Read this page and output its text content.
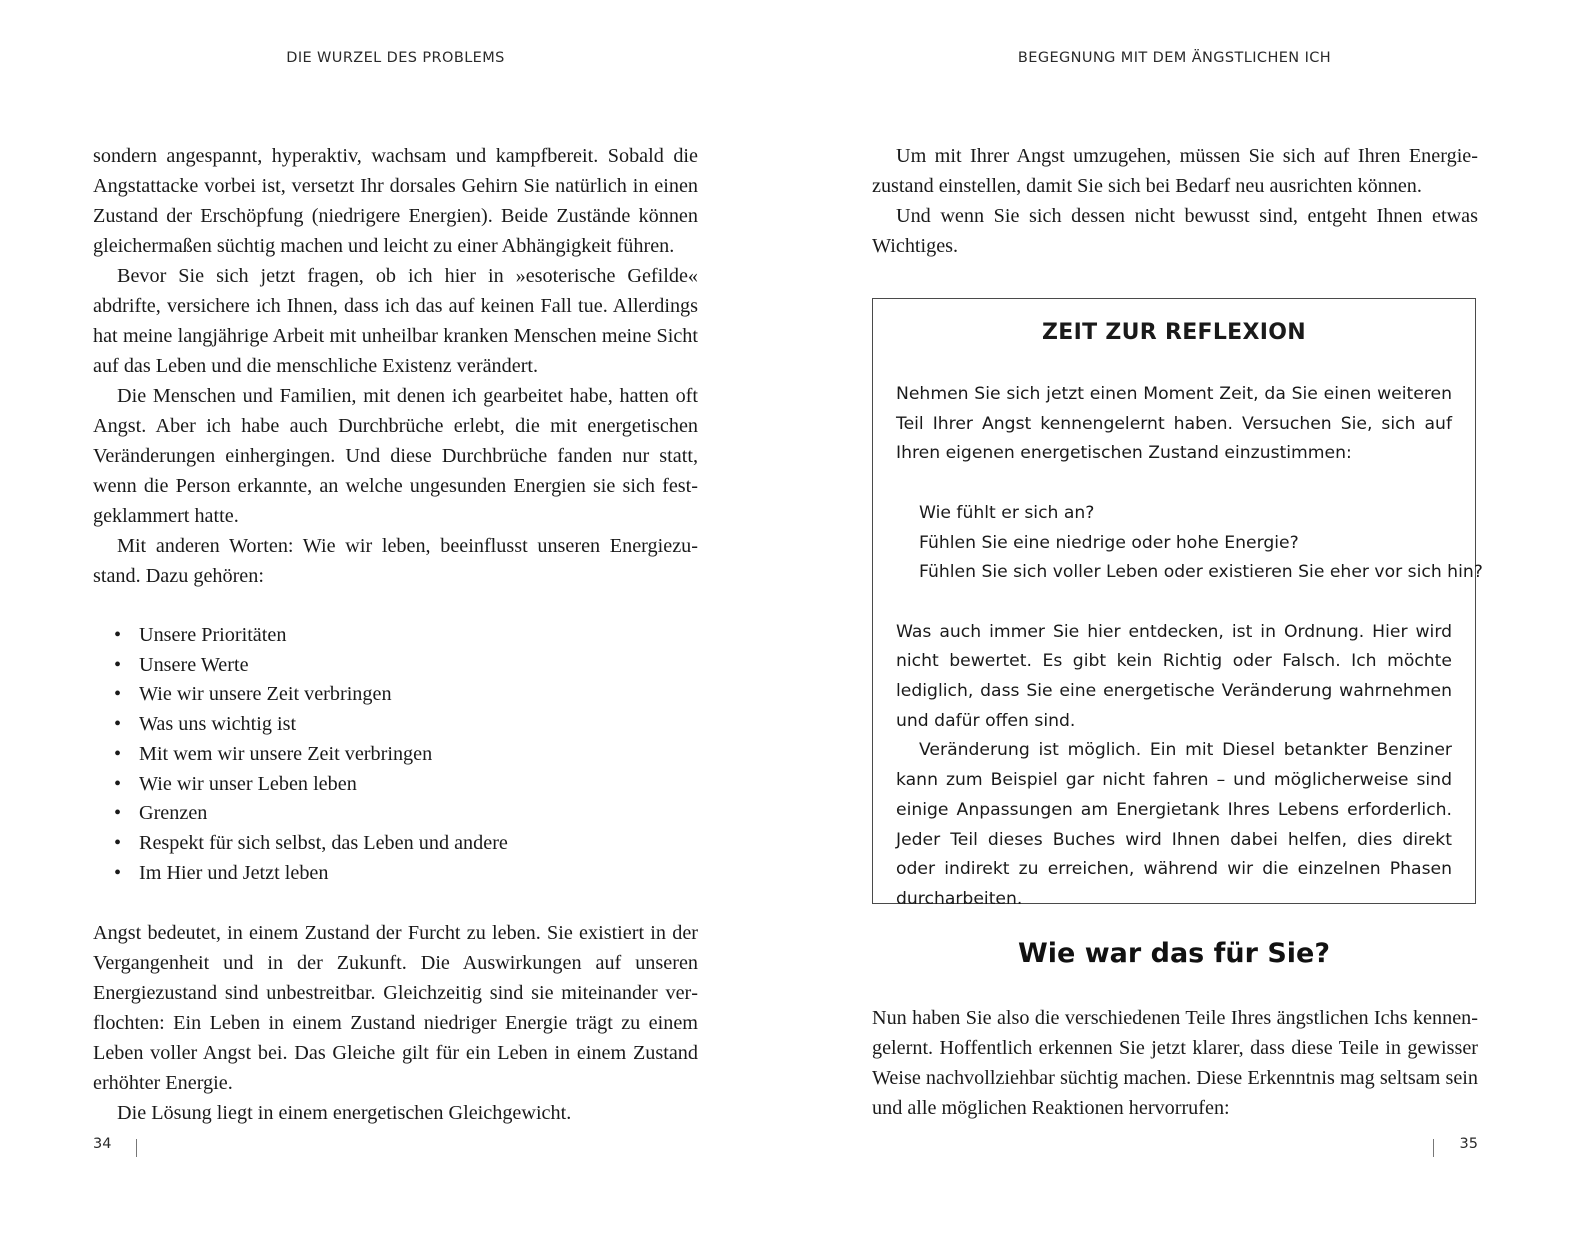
DIE WURZEL DES PROBLEMS

sondern angespannt, hyperaktiv, wachsam und kampfbereit. Sobald die Angstattacke vorbei ist, versetzt Ihr dorsales Gehirn Sie natürlich in einen Zustand der Erschöpfung (niedrigere Energien). Beide Zustände können gleichermaßen süchtig machen und leicht zu einer Abhängigkeit führen.

Bevor Sie sich jetzt fragen, ob ich hier in »esoterische Gefilde« abdrifte, versichere ich Ihnen, dass ich das auf keinen Fall tue. Allerdings hat meine langjährige Arbeit mit unheilbar kranken Menschen meine Sicht auf das Leben und die menschliche Existenz verändert.

Die Menschen und Familien, mit denen ich gearbeitet habe, hatten oft Angst. Aber ich habe auch Durchbrüche erlebt, die mit energetischen Veränderungen einhergingen. Und diese Durchbrüche fanden nur statt, wenn die Person erkannte, an welche ungesunden Energien sie sich festgeklammert hatte.

Mit anderen Worten: Wie wir leben, beeinflusst unseren Energiezustand. Dazu gehören:

• Unsere Prioritäten
• Unsere Werte
• Wie wir unsere Zeit verbringen
• Was uns wichtig ist
• Mit wem wir unsere Zeit verbringen
• Wie wir unser Leben leben
• Grenzen
• Respekt für sich selbst, das Leben und andere
• Im Hier und Jetzt leben

Angst bedeutet, in einem Zustand der Furcht zu leben. Sie existiert in der Vergangenheit und in der Zukunft. Die Auswirkungen auf unseren Energiezustand sind unbestreitbar. Gleichzeitig sind sie miteinander verflochten: Ein Leben in einem Zustand niedriger Energie trägt zu einem Leben voller Angst bei. Das Gleiche gilt für ein Leben in einem Zustand erhöhter Energie.

Die Lösung liegt in einem energetischen Gleichgewicht.

34
BEGEGNUNG MIT DEM ÄNGSTLICHEN ICH

Um mit Ihrer Angst umzugehen, müssen Sie sich auf Ihren Energiezustand einstellen, damit Sie sich bei Bedarf neu ausrichten können.

Und wenn Sie sich dessen nicht bewusst sind, entgeht Ihnen etwas Wichtiges.

ZEIT ZUR REFLEXION

Nehmen Sie sich jetzt einen Moment Zeit, da Sie einen weiteren Teil Ihrer Angst kennengelernt haben. Versuchen Sie, sich auf Ihren eigenen energetischen Zustand einzustimmen:

Wie fühlt er sich an?
Fühlen Sie eine niedrige oder hohe Energie?
Fühlen Sie sich voller Leben oder existieren Sie eher vor sich hin?

Was auch immer Sie hier entdecken, ist in Ordnung. Hier wird nicht bewertet. Es gibt kein Richtig oder Falsch. Ich möchte lediglich, dass Sie eine energetische Veränderung wahrnehmen und dafür offen sind.

Veränderung ist möglich. Ein mit Diesel betankter Benziner kann zum Beispiel gar nicht fahren – und möglicherweise sind einige Anpassungen am Energietank Ihres Lebens erforderlich. Jeder Teil dieses Buches wird Ihnen dabei helfen, dies direkt oder indirekt zu erreichen, während wir die einzelnen Phasen durcharbeiten.

Wie war das für Sie?

Nun haben Sie also die verschiedenen Teile Ihres ängstlichen Ichs kennengelernt. Hoffentlich erkennen Sie jetzt klarer, dass diese Teile in gewisser Weise nachvollziehbar süchtig machen. Diese Erkenntnis mag seltsam sein und alle möglichen Reaktionen hervorrufen:

35
